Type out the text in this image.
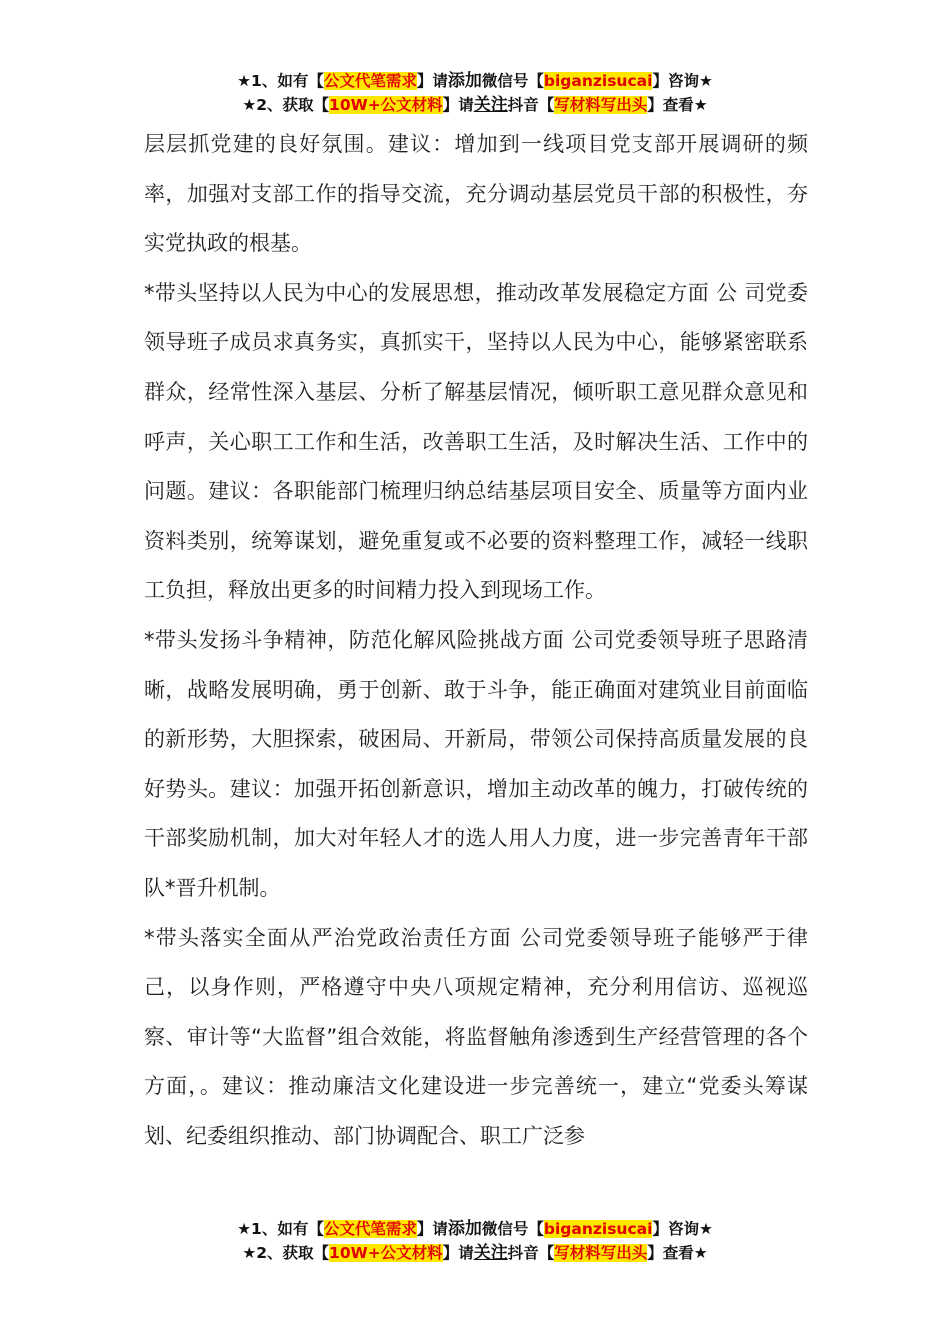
★1、如有【公文代笔需求】请添加微信号【biganzisucai】咨询★
★2、获取【10W+公文材料】请关注抖音【写材料写出头】查看★

层层抓党建的良好氛围。建议：增加到一线项目党支部开展调研的频率，加强对支部工作的指导交流，充分调动基层党员干部的积极性，夯实党执政的根基。

*带头坚持以人民为中心的发展思想，推动改革发展稳定方面 公 司党委领导班子成员求真务实，真抓实干，坚持以人民为中心，能够紧密联系群众，经常性深入基层、分析了解基层情况，倾听职工意见群众意见和呼声，关心职工工作和生活，改善职工生活，及时解决生活、工作中的问题。建议：各职能部门梳理归纳总结基层项目安全、质量等方面内业资料类别，统筹谋划，避免重复或不必要的资料整理工作，减轻一线职工负担，释放出更多的时间精力投入到现场工作。

*带头发扬斗争精神，防范化解风险挑战方面 公司党委领导班子思路清晰，战略发展明确，勇于创新、敢于斗争，能正确面对建筑业目前面临的新形势，大胆探索，破困局、开新局，带领公司保持高质量发展的良好势头。建议：加强开拓创新意识，增加主动改革的魄力，打破传统的干部奖励机制，加大对年轻人才的选人用人力度，进一步完善青年干部队*晋升机制。

*带头落实全面从严治党政治责任方面 公司党委领导班子能够严于律己，以身作则，严格遵守中央八项规定精神，充分利用信访、巡视巡察、审计等“大监督”组合效能，将监督触角渗透到生产经营管理的各个方面，。建议：推动廉洁文化建设进一步完善统一，建立“党委头筹谋划、纪委组织推动、部门协调配合、职工广泛参

★1、如有【公文代笔需求】请添加微信号【biganzisucai】咨询★
★2、获取【10W+公文材料】请关注抖音【写材料写出头】查看★
